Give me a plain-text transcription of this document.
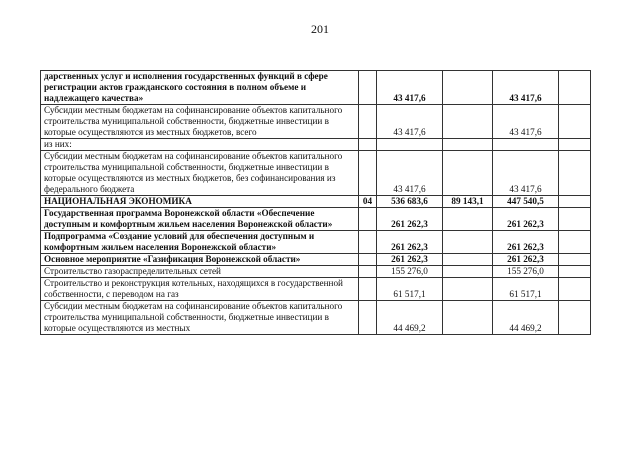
201
дарственных услуг и исполнения государственных функций в сфере регистрации актов гражданского состояния в полном объеме и надлежащего качества»		43 417,6		43 417,6	
Субсидии местным бюджетам на софинансирование объектов капитального строительства муниципальной собственности, бюджетные инвестиции в которые осуществляются из местных бюджетов, всего		43 417,6		43 417,6	
из них:					
Субсидии местным бюджетам на софинансирование объектов капитального строительства муниципальной собственности, бюджетные инвестиции в которые осуществляются из местных бюджетов, без софинансирования из федерального бюджета		43 417,6		43 417,6	
НАЦИОНАЛЬНАЯ ЭКОНОМИКА	04	536 683,6	89 143,1	447 540,5	
Государственная программа Воронежской области «Обеспечение доступным и комфортным жильем населения Воронежской области»		261 262,3		261 262,3	
Подпрограмма «Создание условий для обеспечения доступным и комфортным жильем населения Воронежской области»		261 262,3		261 262,3	
Основное мероприятие «Газификация Воронежской области»		261 262,3		261 262,3	
Строительство газораспределительных сетей		155 276,0		155 276,0	
Строительство и реконструкция котельных, находящихся в государственной собственности, с переводом на газ		61 517,1		61 517,1	
Субсидии местным бюджетам на софинансирование объектов капитального строительства муниципальной собственности, бюджетные инвестиции в которые осуществляются из местных		44 469,2		44 469,2	
